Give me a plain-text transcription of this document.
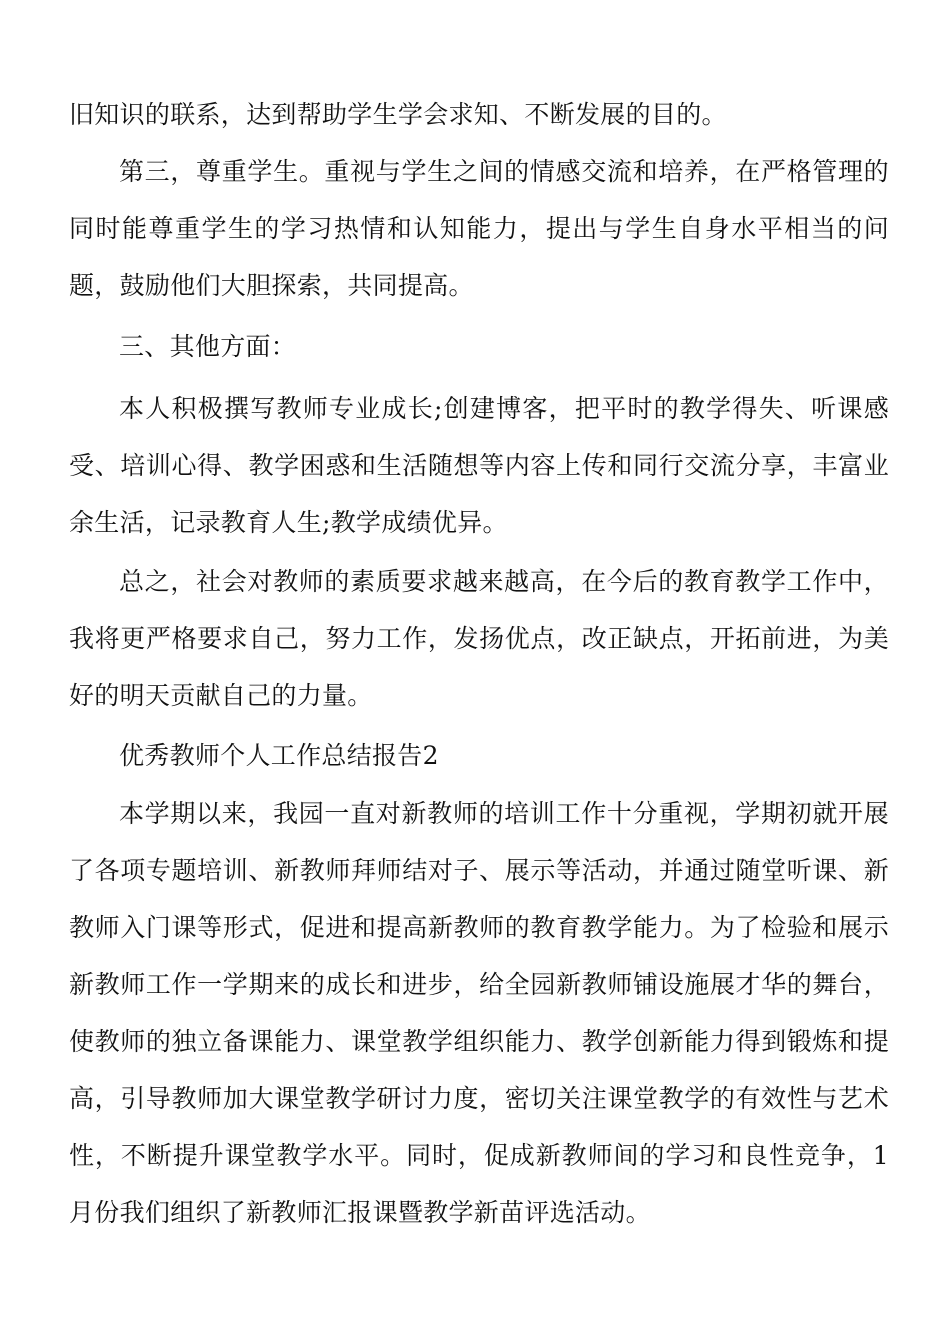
旧知识的联系，达到帮助学生学会求知、不断发展的目的。

第三，尊重学生。重视与学生之间的情感交流和培养，在严格管理的同时能尊重学生的学习热情和认知能力，提出与学生自身水平相当的问题，鼓励他们大胆探索，共同提高。

三、其他方面：

本人积极撰写教师专业成长;创建博客，把平时的教学得失、听课感受、培训心得、教学困惑和生活随想等内容上传和同行交流分享，丰富业余生活，记录教育人生;教学成绩优异。

总之，社会对教师的素质要求越来越高，在今后的教育教学工作中，我将更严格要求自己，努力工作，发扬优点，改正缺点，开拓前进，为美好的明天贡献自己的力量。

优秀教师个人工作总结报告2

本学期以来，我园一直对新教师的培训工作十分重视，学期初就开展了各项专题培训、新教师拜师结对子、展示等活动，并通过随堂听课、新教师入门课等形式，促进和提高新教师的教育教学能力。为了检验和展示新教师工作一学期来的成长和进步，给全园新教师铺设施展才华的舞台，使教师的独立备课能力、课堂教学组织能力、教学创新能力得到锻炼和提高，引导教师加大课堂教学研讨力度，密切关注课堂教学的有效性与艺术性，不断提升课堂教学水平。同时，促成新教师间的学习和良性竞争，1月份我们组织了新教师汇报课暨教学新苗评选活动。
